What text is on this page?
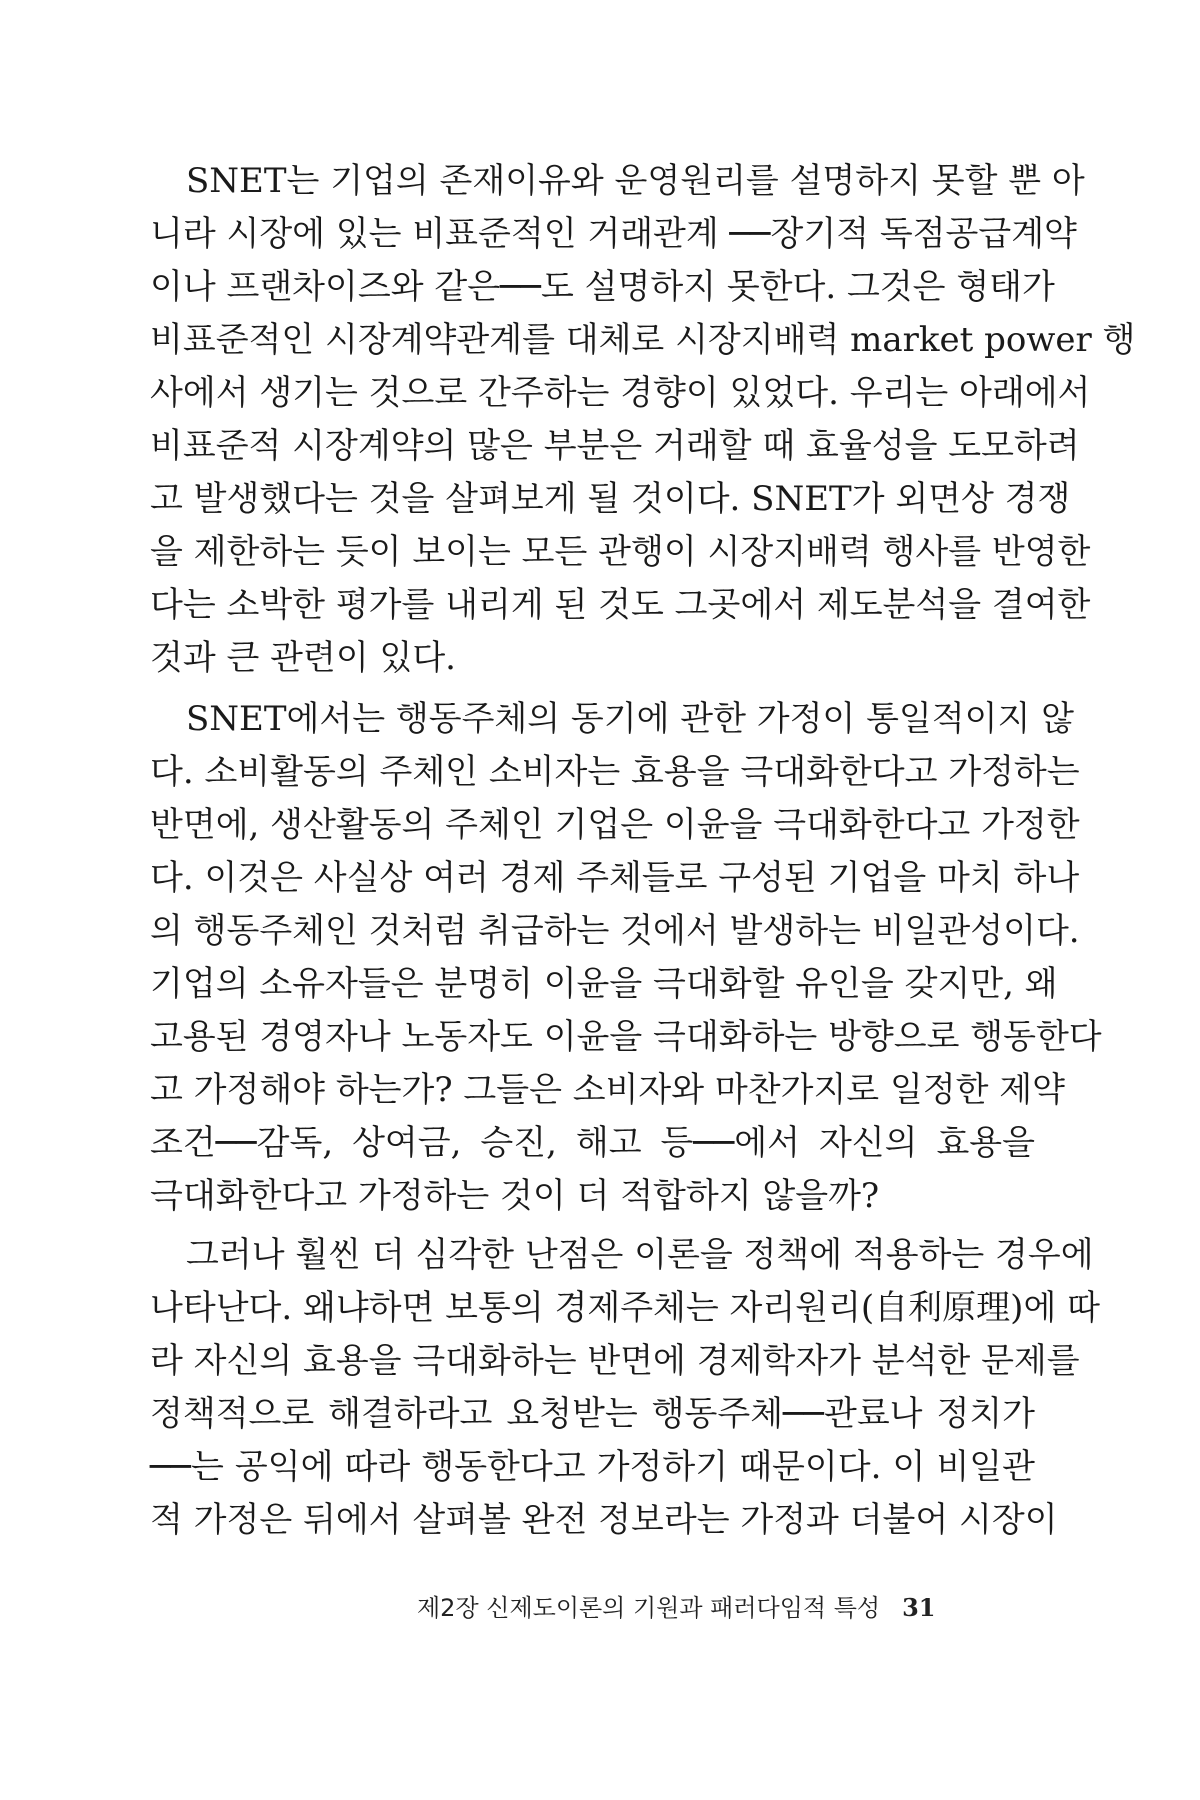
SNET는 기업의 존재이유와 운영원리를 설명하지 못할 뿐 아
니라 시장에 있는 비표준적인 거래관계 ──장기적 독점공급계약
이나 프랜차이즈와 같은──도 설명하지 못한다. 그것은 형태가
비표준적인 시장계약관계를 대체로 시장지배력 market power 행
사에서 생기는 것으로 간주하는 경향이 있었다. 우리는 아래에서
비표준적 시장계약의 많은 부분은 거래할 때 효율성을 도모하려
고 발생했다는 것을 살펴보게 될 것이다. SNET가 외면상 경쟁
을 제한하는 듯이 보이는 모든 관행이 시장지배력 행사를 반영한
다는 소박한 평가를 내리게 된 것도 그곳에서 제도분석을 결여한
것과 큰 관련이 있다.
SNET에서는 행동주체의 동기에 관한 가정이 통일적이지 않
다. 소비활동의 주체인 소비자는 효용을 극대화한다고 가정하는
반면에, 생산활동의 주체인 기업은 이윤을 극대화한다고 가정한
다. 이것은 사실상 여러 경제 주체들로 구성된 기업을 마치 하나
의 행동주체인 것처럼 취급하는 것에서 발생하는 비일관성이다.
기업의 소유자들은 분명히 이윤을 극대화할 유인을 갖지만, 왜
고용된 경영자나 노동자도 이윤을 극대화하는 방향으로 행동한다
고 가정해야 하는가? 그들은 소비자와 마찬가지로 일정한 제약
조건──감독, 상여금, 승진, 해고 등──에서 자신의 효용을
극대화한다고 가정하는 것이 더 적합하지 않을까?
그러나 훨씬 더 심각한 난점은 이론을 정책에 적용하는 경우에
나타난다. 왜냐하면 보통의 경제주체는 자리원리(自利原理)에 따
라 자신의 효용을 극대화하는 반면에 경제학자가 분석한 문제를
정책적으로 해결하라고 요청받는 행동주체──관료나 정치가
──는 공익에 따라 행동한다고 가정하기 때문이다. 이 비일관
적 가정은 뒤에서 살펴볼 완전 정보라는 가정과 더불어 시장이
제2장 신제도이론의 기원과 패러다임적 특성 31
